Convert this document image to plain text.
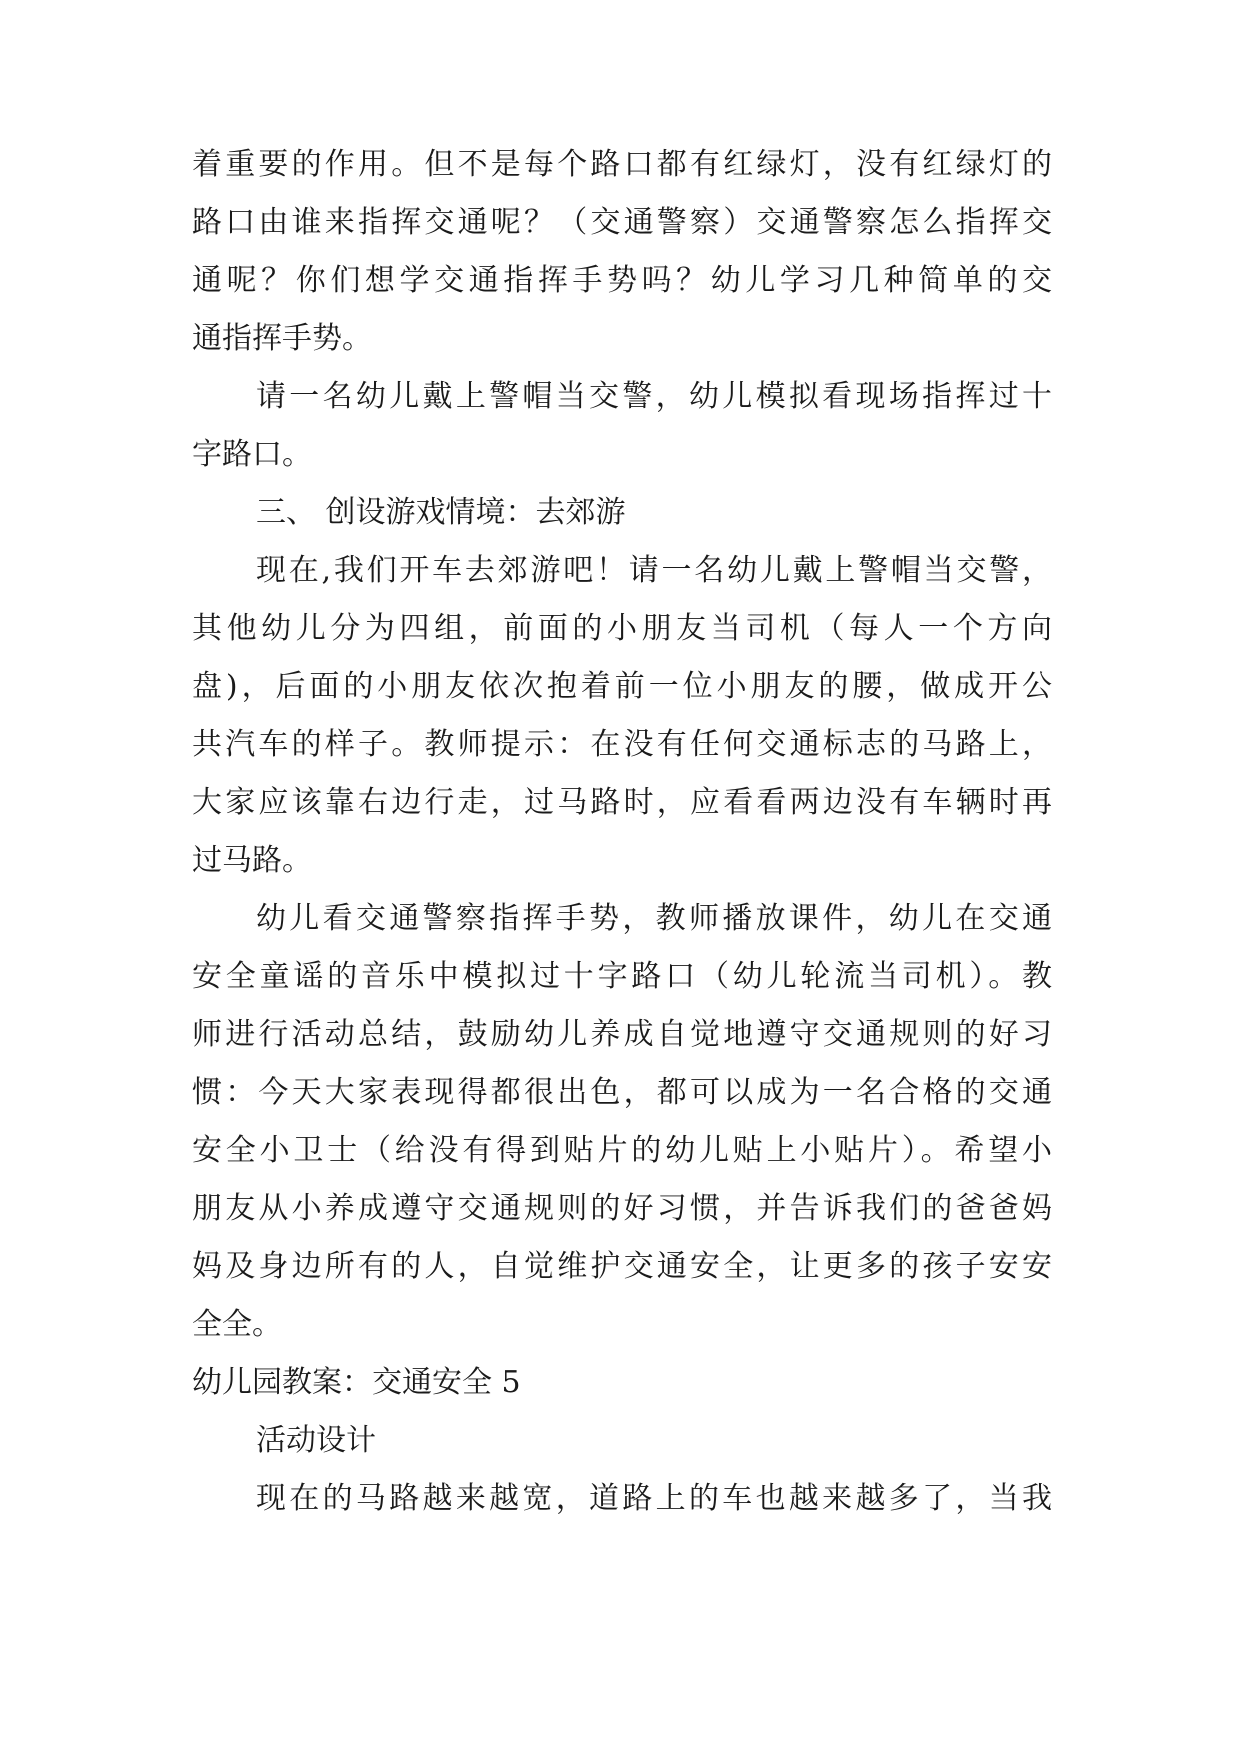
着重要的作用。但不是每个路口都有红绿灯，没有红绿灯的
路口由谁来指挥交通呢？（交通警察）交通警察怎么指挥交
通呢？你们想学交通指挥手势吗？幼儿学习几种简单的交
通指挥手势。
请一名幼儿戴上警帽当交警，幼儿模拟看现场指挥过十
字路口。
三、 创设游戏情境：去郊游
现在,我们开车去郊游吧！请一名幼儿戴上警帽当交警，
其他幼儿分为四组，前面的小朋友当司机（每人一个方向
盘)，后面的小朋友依次抱着前一位小朋友的腰，做成开公
共汽车的样子。教师提示：在没有任何交通标志的马路上，
大家应该靠右边行走，过马路时，应看看两边没有车辆时再
过马路。
幼儿看交通警察指挥手势，教师播放课件，幼儿在交通
安全童谣的音乐中模拟过十字路口（幼儿轮流当司机）。教
师进行活动总结，鼓励幼儿养成自觉地遵守交通规则的好习
惯：今天大家表现得都很出色，都可以成为一名合格的交通
安全小卫士（给没有得到贴片的幼儿贴上小贴片）。希望小
朋友从小养成遵守交通规则的好习惯，并告诉我们的爸爸妈
妈及身边所有的人，自觉维护交通安全，让更多的孩子安安
全全。
幼儿园教案：交通安全 5
活动设计
现在的马路越来越宽，道路上的车也越来越多了，当我
